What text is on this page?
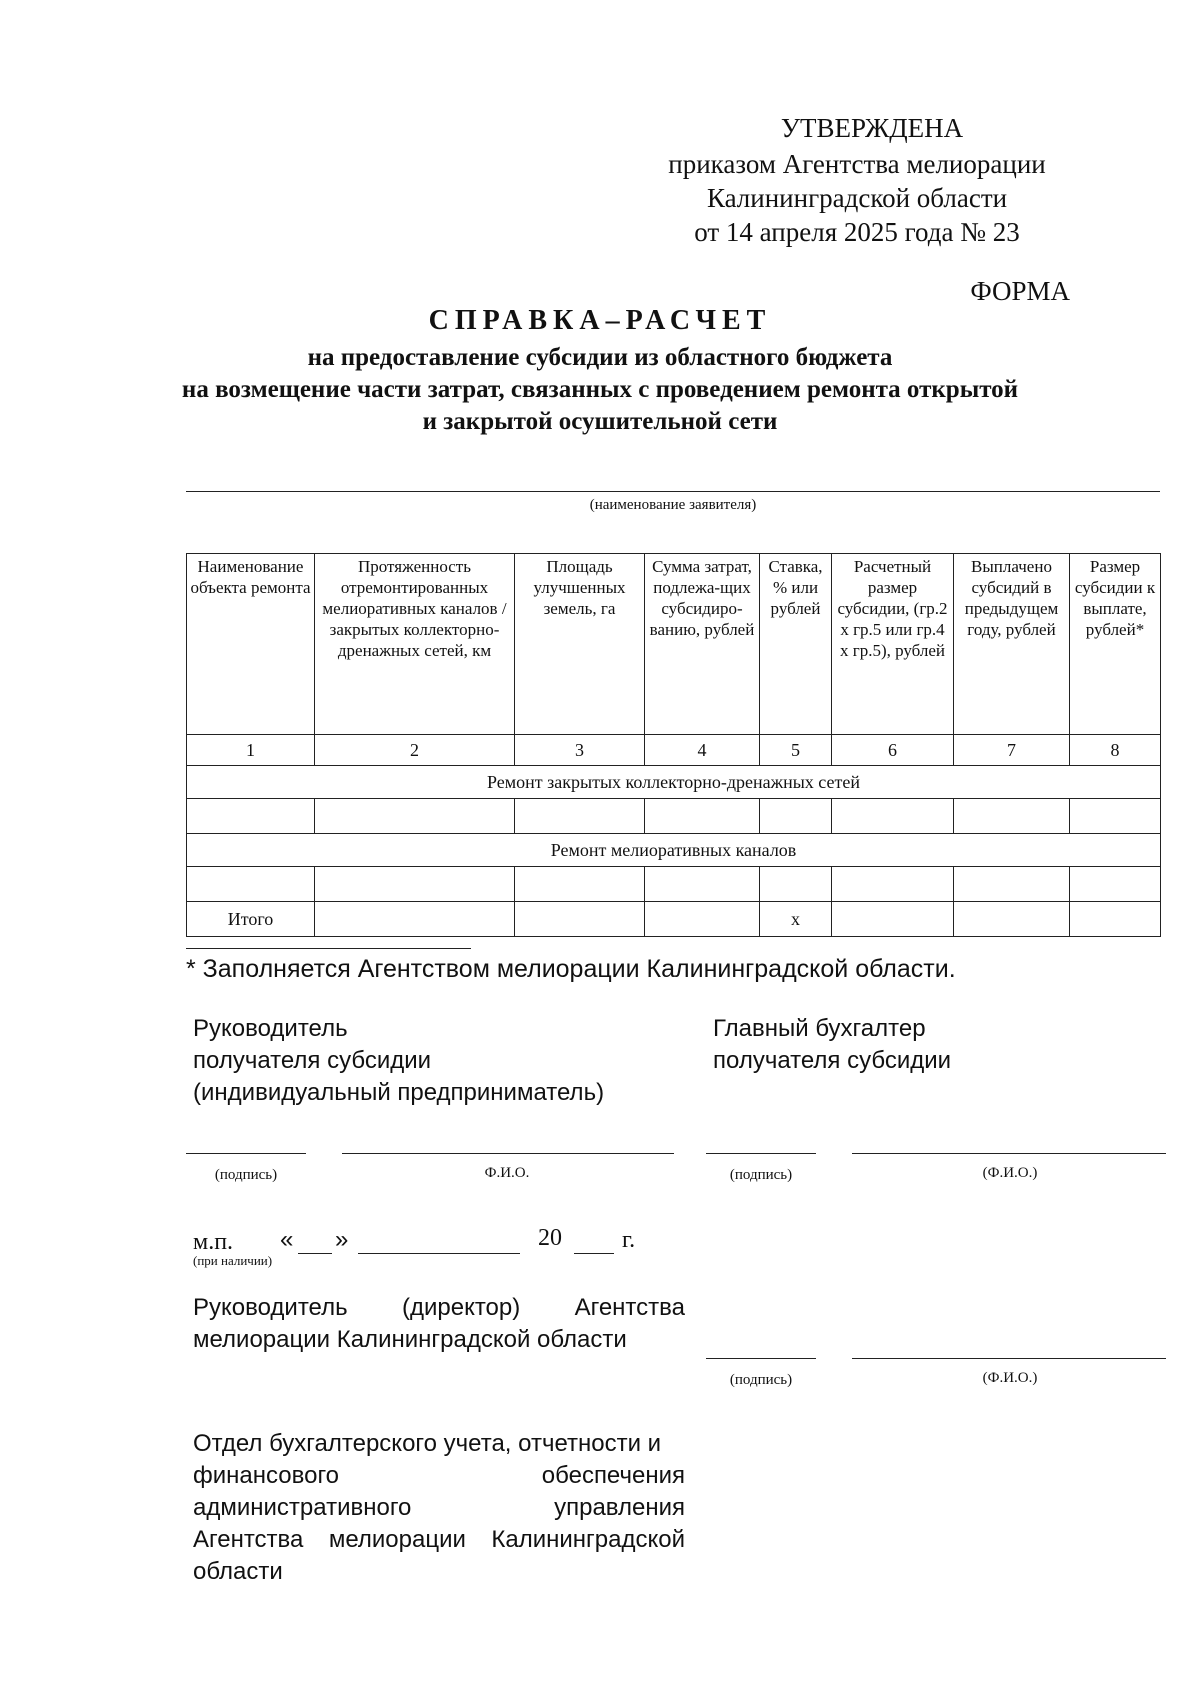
УТВЕРЖДЕНА
приказом Агентства мелиорации
Калининградской области
от 14 апреля 2025 года № 23
ФОРМА
СПРАВКА–РАСЧЕТ
на предоставление субсидии из областного бюджета
на возмещение части затрат, связанных с проведением ремонта открытой
и закрытой осушительной сети
(наименование заявителя)
Наименование объекта ремонта	Протяженность отремонтированных мелиоративных каналов / закрытых коллекторно-дренажных сетей, км	Площадь улучшенных земель, га	Сумма затрат, подлежа-щих субсидиро-ванию, рублей	Ставка, % или рублей	Расчетный размер субсидии, (гр.2 х гр.5 или гр.4 х гр.5), рублей	Выплачено субсидий в предыдущем году, рублей	Размер субсидии к выплате, рублей*
1	2	3	4	5	6	7	8
Ремонт закрытых коллекторно-дренажных сетей							

Ремонт мелиоративных каналов							

Итого				х			
* Заполняется Агентством мелиорации Калининградской области.
Руководитель
получателя субсидии
(индивидуальный предприниматель)
Главный бухгалтер
получателя субсидии
(подпись)	Ф.И.О.	(подпись)	(Ф.И.О.)
м.п. « »	20	г.
(при наличии)
Руководитель (директор) Агентства
мелиорации Калининградской области
(подпись)	(Ф.И.О.)
Отдел бухгалтерского учета, отчетности и
финансового	обеспечения
административного	управления
Агентства мелиорации Калининградской
области
